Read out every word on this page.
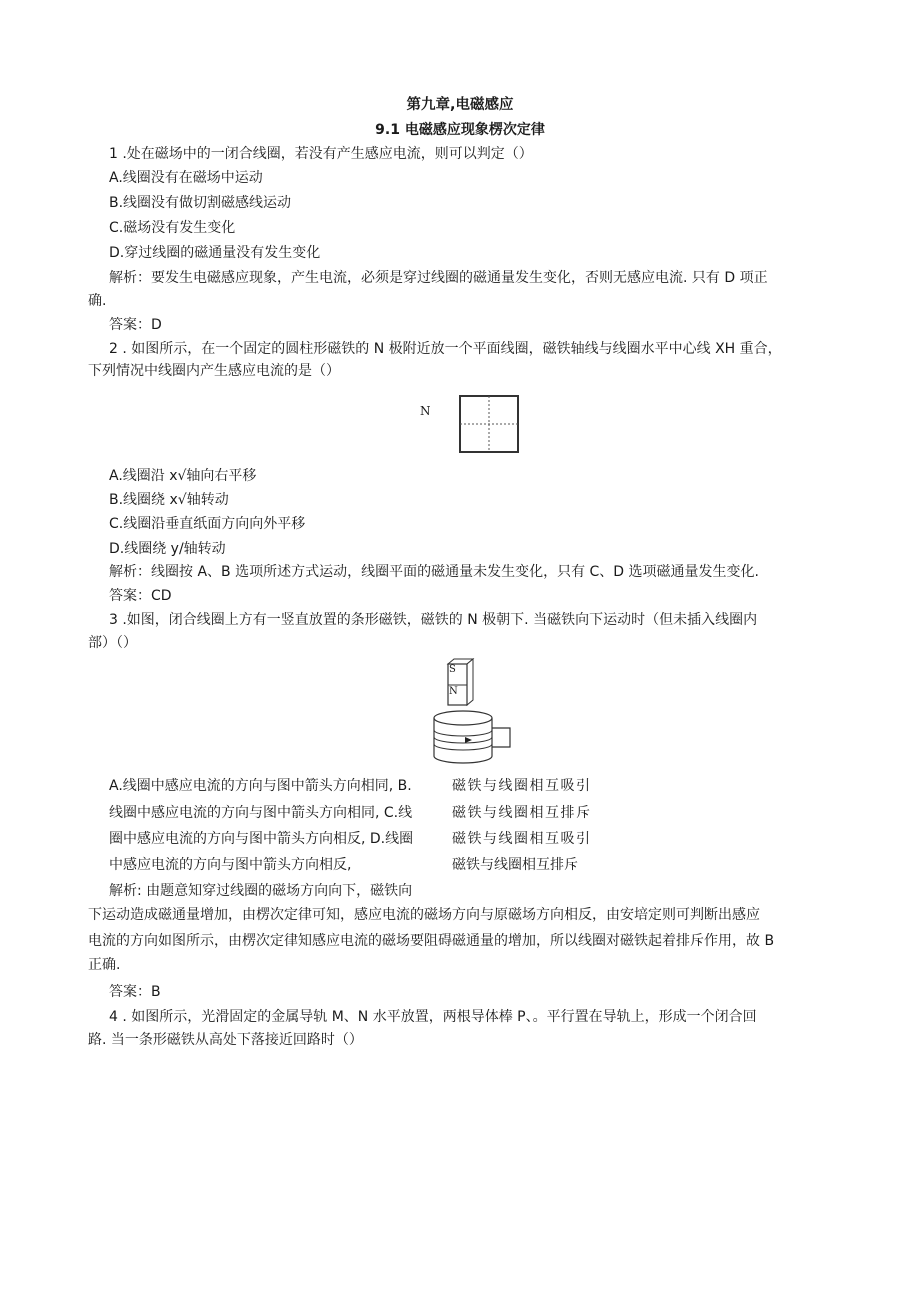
第九章,电磁感应
9.1 电磁感应现象楞次定律
1 .处在磁场中的一闭合线圈，若没有产生感应电流，则可以判定（）
A.线圈没有在磁场中运动
B.线圈没有做切割磁感线运动
C.磁场没有发生变化
D.穿过线圈的磁通量没有发生变化
解析：要发生电磁感应现象，产生电流，必须是穿过线圈的磁通量发生变化，否则无感应电流. 只有 D 项正
确.
答案：D
2 . 如图所示，在一个固定的圆柱形磁铁的 N 极附近放一个平面线圈，磁铁轴线与线圈水平中心线 XH 重合，
下列情况中线圈内产生感应电流的是（）
N
A.线圈沿 x√轴向右平移
B.线圈绕 x√轴转动
C.线圈沿垂直纸面方向向外平移
D.线圈绕 y/轴转动
解析：线圈按 A、B 选项所述方式运动，线圈平面的磁通量未发生变化，只有 C、D 选项磁通量发生变化.
答案：CD
3 .如图，闭合线圈上方有一竖直放置的条形磁铁，磁铁的 N 极朝下. 当磁铁向下运动时（但未插入线圈内
部）（）
S
N
A.线圈中感应电流的方向与图中箭头方向相同, B.	磁铁与线圈相互吸引
线圈中感应电流的方向与图中箭头方向相同, C.线	磁铁与线圈相互排斥
圈中感应电流的方向与图中箭头方向相反, D.线圈	磁铁与线圈相互吸引
中感应电流的方向与图中箭头方向相反,	磁铁与线圈相互排斥
解析: 由题意知穿过线圈的磁场方向向下，磁铁向
下运动造成磁通量增加，由楞次定律可知，感应电流的磁场方向与原磁场方向相反，由安培定则可判断出感应
电流的方向如图所示，由楞次定律知感应电流的磁场要阻碍磁通量的增加，所以线圈对磁铁起着排斥作用，故 B
正确.
答案：B
4 . 如图所示，光滑固定的金属导轨 M、N 水平放置，两根导体棒 P、。平行置在导轨上，形成一个闭合回
路. 当一条形磁铁从高处下落接近回路时（）
